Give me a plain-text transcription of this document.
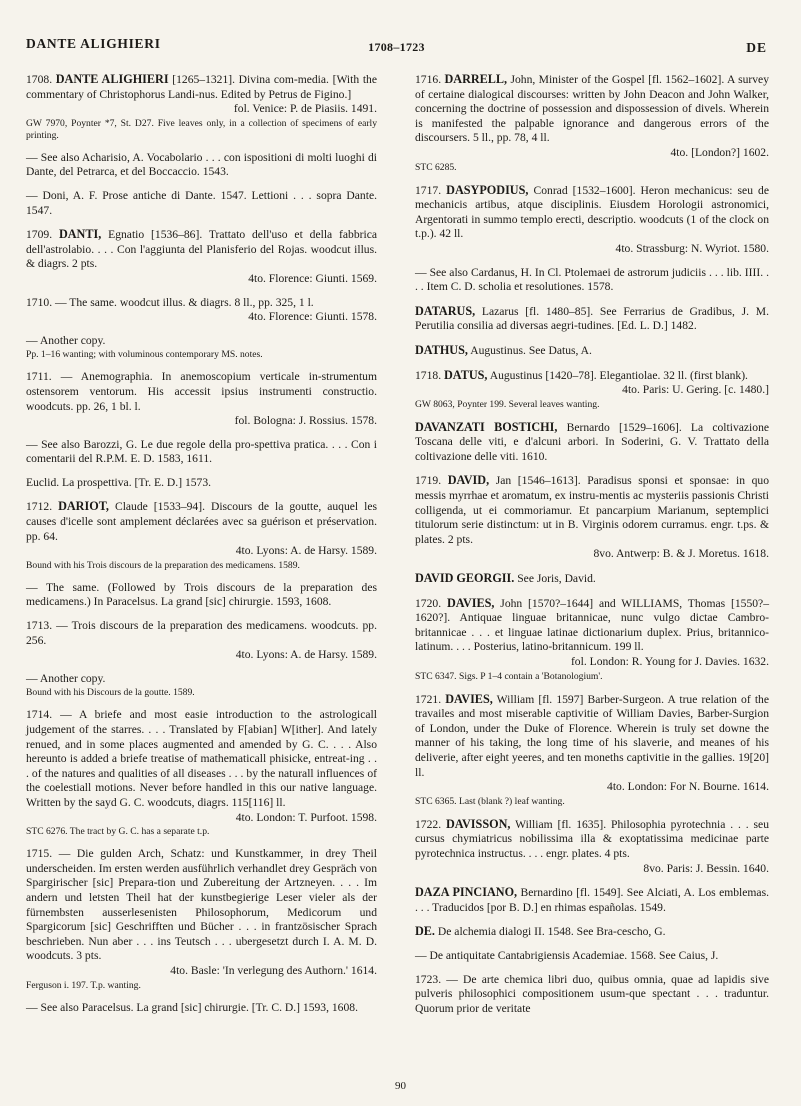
DANTE ALIGHIERI	1708–1723	DE

1708. DANTE ALIGHIERI [1265–1321]. Divina com-media. [With the commentary of Christophorus Landi-nus. Edited by Petrus de Figino.]

fol. Venice: P. de Piasiis. 1491.

GW 7970, Poynter *7, St. D27. Five leaves only, in a collection of specimens of early printing.

— See also Acharisio, A. Vocabolario . . . con ispositioni di molti luoghi di Dante, del Petrarca, et del Boccaccio. 1543.

— Doni, A. F. Prose antiche di Dante. 1547. Lettioni . . . sopra Dante. 1547.

1709. DANTI, Egnatio [1536–86]. Trattato dell'uso et della fabbrica dell'astrolabio. . . . Con l'aggiunta del Planisferio del Rojas. woodcut illus. & diagrs. 2 pts.

4to. Florence: Giunti. 1569.

1710. — The same. woodcut illus. & diagrs. 8 ll., pp. 325, 1 l.

4to. Florence: Giunti. 1578.

— Another copy.

Pp. 1–16 wanting; with voluminous contemporary MS. notes.

1711. — Anemographia. In anemoscopium verticale in-strumentum ostensorem ventorum. His accessit ipsius instrumenti constructio. woodcuts. pp. 26, 1 bl. l.

fol. Bologna: J. Rossius. 1578.

— See also Barozzi, G. Le due regole della pro-spettiva pratica. . . . Con i comentarii del R.P.M. E. D. 1583, 1611.

Euclid. La prospettiva. [Tr. E. D.] 1573.

1712. DARIOT, Claude [1533–94]. Discours de la goutte, auquel les causes d'icelle sont amplement déclarées avec sa guérison et préservation. pp. 64.

4to. Lyons: A. de Harsy. 1589.

Bound with his Trois discours de la preparation des medicamens. 1589.

— The same. (Followed by Trois discours de la preparation des medicamens.) In Paracelsus. La grand [sic] chirurgie. 1593, 1608.

1713. — Trois discours de la preparation des medicamens. woodcuts. pp. 256.

4to. Lyons: A. de Harsy. 1589.

— Another copy.

Bound with his Discours de la goutte. 1589.

1714. — A briefe and most easie introduction to the astrologicall judgement of the starres. . . . Translated by F[abian] W[ither]. And lately renued, and in some places augmented and amended by G. C. . . . Also hereunto is added a briefe treatise of mathematicall phisicke, entreat-ing . . . of the natures and qualities of all diseases . . . by the naturall influences of the coelestiall motions. Never before handled in this our native language. Written by the sayd G. C. woodcuts, diagrs. 115[116] ll.

4to. London: T. Purfoot. 1598.

STC 6276. The tract by G. C. has a separate t.p.

1715. — Die gulden Arch, Schatz: und Kunstkammer, in drey Theil underscheiden. Im ersten werden ausführlich verhandlet drey Gespräch von Spargirischer [sic] Prepara-tion und Zubereitung der Artzneyen. . . . Im andern und letsten Theil hat der kunstbegierige Leser vieler als der fürnembsten ausserlesenisten Philosophorum, Medicorum und Spargicorum [sic] Geschrifften und Bücher . . . in frantzösischer Sprach beschrieben. Nun aber . . . ins Teutsch . . . ubergesetzt durch I. A. M. D. woodcuts. 3 pts.

4to. Basle: 'In verlegung des Authorn.' 1614.

Ferguson i. 197. T.p. wanting.

— See also Paracelsus. La grand [sic] chirurgie. [Tr. C. D.] 1593, 1608.

1716. DARRELL, John, Minister of the Gospel [fl. 1562–1602]. A survey of certaine dialogical discourses: written by John Deacon and John Walker, concerning the doctrine of possession and dispossession of divels. Wherein is manifested the palpable ignorance and dangerous errors of the discoursers. 5 ll., pp. 78, 4 ll.

4to. [London?] 1602.

STC 6285.

1717. DASYPODIUS, Conrad [1532–1600]. Heron mechanicus: seu de mechanicis artibus, atque disciplinis. Eiusdem Horologii astronomici, Argentorati in summo templo erecti, descriptio. woodcuts (1 of the clock on t.p.). 42 ll.

4to. Strassburg: N. Wyriot. 1580.

— See also Cardanus, H. In Cl. Ptolemaei de astrorum judiciis . . . lib. IIII. . . . Item C. D. scholia et resolutiones. 1578.

DATARUS, Lazarus [fl. 1480–85]. See Ferrarius de Gradibus, J. M. Perutilia consilia ad diversas aegri-tudines. [Ed. L. D.] 1482.

DATHUS, Augustinus. See Datus, A.

1718. DATUS, Augustinus [1420–78]. Elegantiolae. 32 ll. (first blank).

4to. Paris: U. Gering. [c. 1480.]

GW 8063, Poynter 199. Several leaves wanting.

DAVANZATI BOSTICHI, Bernardo [1529–1606]. La coltivazione Toscana delle viti, e d'alcuni arbori. In Soderini, G. V. Trattato della coltivazione delle viti. 1610.

1719. DAVID, Jan [1546–1613]. Paradisus sponsi et sponsae: in quo messis myrrhae et aromatum, ex instru-mentis ac mysteriis passionis Christi colligenda, ut ei commoriamur. Et pancarpium Marianum, septemplici titulorum serie distinctum: ut in B. Virginis odorem curramus. engr. t.ps. & plates. 2 pts.

8vo. Antwerp: B. & J. Moretus. 1618.

DAVID GEORGII. See Joris, David.

1720. DAVIES, John [1570?–1644] and WILLIAMS, Thomas [1550?–1620?]. Antiquae linguae britannicae, nunc vulgo dictae Cambro-britannicae . . . et linguae latinae dictionarium duplex. Prius, britannico-latinum. . . . Posterius, latino-britannicum. 199 ll.

fol. London: R. Young for J. Davies. 1632.

STC 6347. Sigs. P 1–4 contain a 'Botanologium'.

1721. DAVIES, William [fl. 1597] Barber-Surgeon. A true relation of the travailes and most miserable captivitie of William Davies, Barber-Surgion of London, under the Duke of Florence. Wherein is truly set downe the manner of his taking, the long time of his slaverie, and meanes of his deliverie, after eight yeeres, and ten moneths captivitie in the gallies. 19[20] ll.

4to. London: For N. Bourne. 1614.

STC 6365. Last (blank ?) leaf wanting.

1722. DAVISSON, William [fl. 1635]. Philosophia pyrotechnia . . . seu cursus chymiatricus nobilissima illa & exoptatissima medicinae parte pyrotechnica instructus. . . . engr. plates. 4 pts.

8vo. Paris: J. Bessin. 1640.

DAZA PINCIANO, Bernardino [fl. 1549]. See Alciati, A. Los emblemas. . . . Traducidos [por B. D.] en rhimas españolas. 1549.

DE. De alchemia dialogi II. 1548. See Bra-cescho, G.

— De antiquitate Cantabrigiensis Academiae. 1568. See Caius, J.

1723. — De arte chemica libri duo, quibus omnia, quae ad lapidis sive pulveris philosophici compositionem usum-que spectant . . . traduntur. Quorum prior de veritate

90
